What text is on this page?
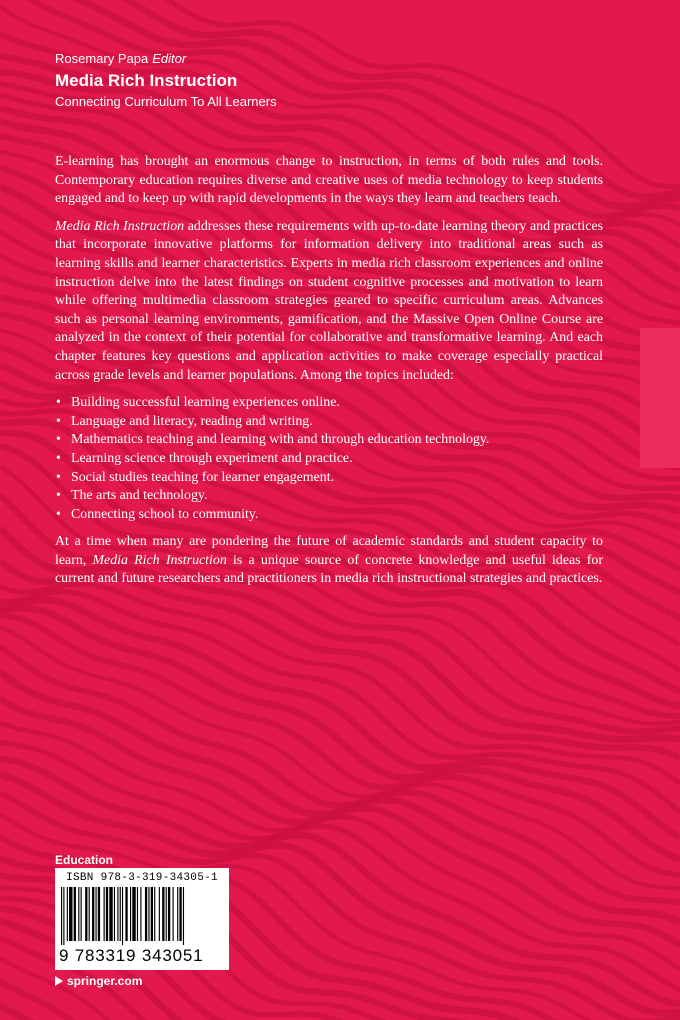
Rosemary Papa Editor
Media Rich Instruction
Connecting Curriculum To All Learners

E-learning has brought an enormous change to instruction, in terms of both rules and tools. Contemporary education requires diverse and creative uses of media technology to keep students engaged and to keep up with rapid developments in the ways they learn and teachers teach.

Media Rich Instruction addresses these requirements with up-to-date learning theory and practices that incorporate innovative platforms for information delivery into traditional areas such as learning skills and learner characteristics. Experts in media rich classroom experiences and online instruction delve into the latest findings on student cognitive processes and motivation to learn while offering multimedia classroom strategies geared to specific curriculum areas. Advances such as personal learning environments, gamification, and the Massive Open Online Course are analyzed in the context of their potential for collaborative and transformative learning. And each chapter features key questions and application activities to make coverage especially practical across grade levels and learner populations. Among the topics included:

• Building successful learning experiences online.
• Language and literacy, reading and writing.
• Mathematics teaching and learning with and through education technology.
• Learning science through experiment and practice.
• Social studies teaching for learner engagement.
• The arts and technology.
• Connecting school to community.

At a time when many are pondering the future of academic standards and student capacity to learn, Media Rich Instruction is a unique source of concrete knowledge and useful ideas for current and future researchers and practitioners in media rich instructional strategies and practices.

Education
ISBN 978-3-319-34305-1
9 783319 343051
springer.com
